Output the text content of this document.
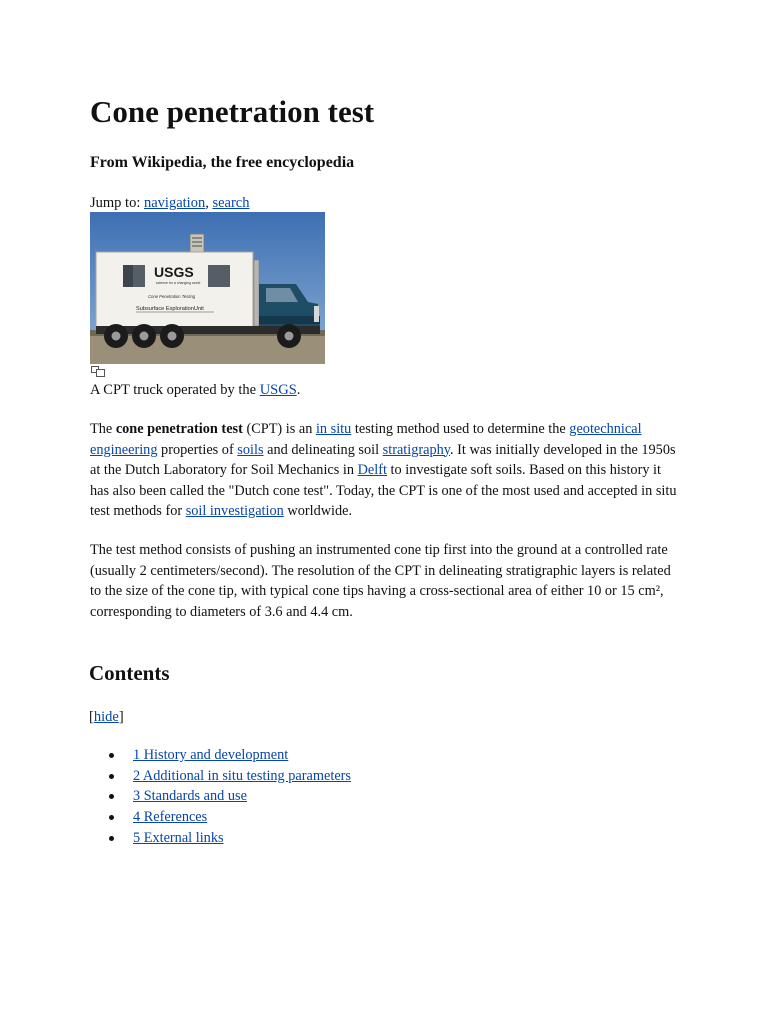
Cone penetration test

From Wikipedia, the free encyclopedia

Jump to: navigation, search
USGS
science for a changing world
Cone Penetration Testing
Subsurface ExplorationUnit
A CPT truck operated by the USGS.

The cone penetration test (CPT) is an in situ testing method used to determine the geotechnical engineering properties of soils and delineating soil stratigraphy. It was initially developed in the 1950s at the Dutch Laboratory for Soil Mechanics in Delft to investigate soft soils. Based on this history it has also been called the "Dutch cone test". Today, the CPT is one of the most used and accepted in situ test methods for soil investigation worldwide.

The test method consists of pushing an instrumented cone tip first into the ground at a controlled rate (usually 2 centimeters/second). The resolution of the CPT in delineating stratigraphic layers is related to the size of the cone tip, with typical cone tips having a cross-sectional area of either 10 or 15 cm², corresponding to diameters of 3.6 and 4.4 cm.

Contents
[hide]
1 History and development
2 Additional in situ testing parameters
3 Standards and use
4 References
5 External links
